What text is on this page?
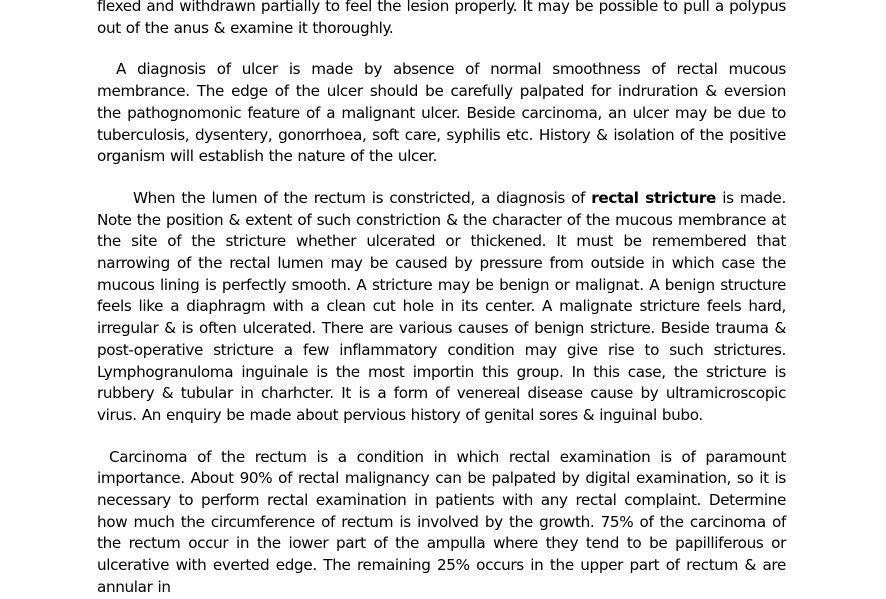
flexed and withdrawn partially to feel the lesion properly. It may be possible to pull a polypus out of the anus & examine it thoroughly.

A diagnosis of ulcer is made by absence of normal smoothness of rectal mucous membrance. The edge of the ulcer should be carefully palpated for indruration & eversion the pathognomonic feature of a malignant ulcer. Beside carcinoma, an ulcer may be due to tuberculosis, dysentery, gonorrhoea, soft care, syphilis etc. History & isolation of the positive organism will establish the nature of the ulcer.

When the lumen of the rectum is constricted, a diagnosis of rectal stricture is made. Note the position & extent of such constriction & the character of the mucous membrance at the site of the stricture whether ulcerated or thickened. It must be remembered that narrowing of the rectal lumen may be caused by pressure from outside in which case the mucous lining is perfectly smooth. A stricture may be benign or malignat. A benign structure feels like a diaphragm with a clean cut hole in its center. A malignate stricture feels hard, irregular & is often ulcerated. There are various causes of benign stricture. Beside trauma & post-operative stricture a few inflammatory condition may give rise to such strictures. Lymphogranuloma inguinale is the most importin this group. In this case, the stricture is rubbery & tubular in charhcter. It is a form of venereal disease cause by ultramicroscopic virus. An enquiry be made about pervious history of genital sores & inguinal bubo.

Carcinoma of the rectum is a condition in which rectal examination is of paramount importance. About 90% of rectal malignancy can be palpated by digital examination, so it is necessary to perform rectal examination in patients with any rectal complaint. Determine how much the circumference of rectum is involved by the growth. 75% of the carcinoma of the rectum occur in the iower part of the ampulla where they tend to be papilliferous or ulcerative with everted edge. The remaining 25% occurs in the upper part of rectum & are annular in
